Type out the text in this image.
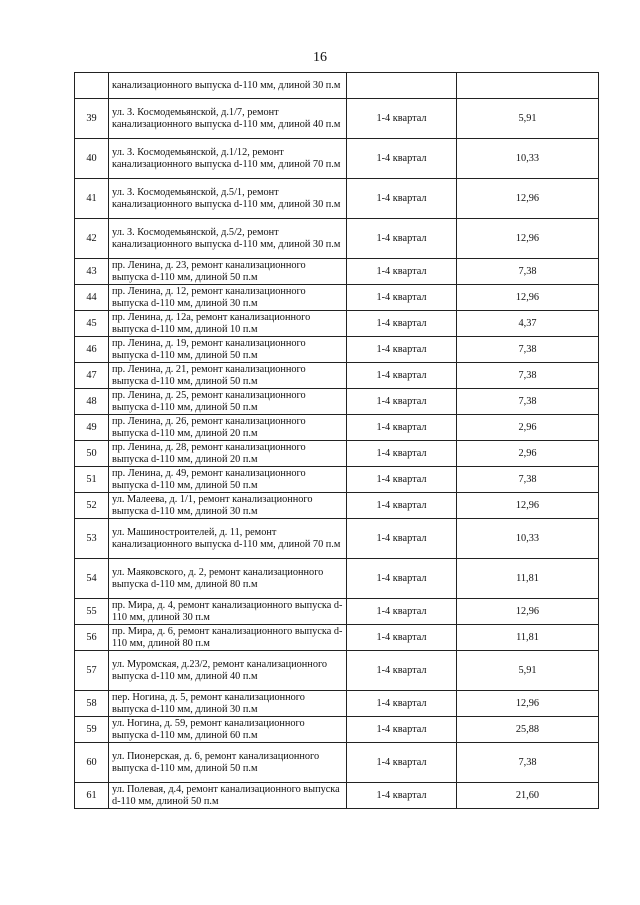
16
	канализационного выпуска d-110 мм, длиной 30 п.м		
39	ул. З. Космодемьянской, д.1/7, ремонт канализационного выпуска d-110 мм, длиной 40 п.м	1-4 квартал	5,91
40	ул. З. Космодемьянской, д.1/12, ремонт канализационного выпуска d-110 мм, длиной 70 п.м	1-4 квартал	10,33
41	ул. З. Космодемьянской, д.5/1, ремонт канализационного выпуска d-110 мм, длиной 30 п.м	1-4 квартал	12,96
42	ул. З. Космодемьянской, д.5/2, ремонт канализационного выпуска d-110 мм, длиной 30 п.м	1-4 квартал	12,96
43	пр. Ленина, д. 23, ремонт канализационного выпуска d-110 мм, длиной 50 п.м	1-4 квартал	7,38
44	пр. Ленина, д. 12, ремонт канализационного выпуска d-110 мм, длиной 30 п.м	1-4 квартал	12,96
45	пр. Ленина, д. 12а, ремонт канализационного выпуска d-110 мм, длиной 10 п.м	1-4 квартал	4,37
46	пр. Ленина, д. 19, ремонт канализационного выпуска d-110 мм, длиной 50 п.м	1-4 квартал	7,38
47	пр. Ленина, д. 21, ремонт канализационного выпуска d-110 мм, длиной 50 п.м	1-4 квартал	7,38
48	пр. Ленина, д. 25, ремонт канализационного выпуска d-110 мм, длиной 50 п.м	1-4 квартал	7,38
49	пр. Ленина, д. 26, ремонт канализационного выпуска d-110 мм, длиной 20 п.м	1-4 квартал	2,96
50	пр. Ленина, д. 28, ремонт канализационного выпуска d-110 мм, длиной 20 п.м	1-4 квартал	2,96
51	пр. Ленина, д. 49, ремонт канализационного выпуска d-110 мм, длиной 50 п.м	1-4 квартал	7,38
52	ул. Малеева, д. 1/1, ремонт канализационного выпуска d-110 мм, длиной 30 п.м	1-4 квартал	12,96
53	ул. Машиностроителей, д. 11, ремонт канализационного выпуска d-110 мм, длиной 70 п.м	1-4 квартал	10,33
54	ул. Маяковского, д. 2, ремонт канализационного выпуска d-110 мм, длиной 80 п.м	1-4 квартал	11,81
55	пр. Мира, д. 4, ремонт канализационного выпуска d-110 мм, длиной 30 п.м	1-4 квартал	12,96
56	пр. Мира, д. 6, ремонт канализационного выпуска d-110 мм, длиной 80 п.м	1-4 квартал	11,81
57	ул. Муромская, д.23/2, ремонт канализационного выпуска d-110 мм, длиной 40 п.м	1-4 квартал	5,91
58	пер. Ногина, д. 5, ремонт канализационного выпуска d-110 мм, длиной 30 п.м	1-4 квартал	12,96
59	ул. Ногина, д. 59, ремонт канализационного выпуска d-110 мм, длиной 60 п.м	1-4 квартал	25,88
60	ул. Пионерская, д. 6, ремонт канализационного выпуска d-110 мм, длиной 50 п.м	1-4 квартал	7,38
61	ул. Полевая, д.4, ремонт канализационного выпуска d-110 мм, длиной 50 п.м	1-4 квартал	21,60
